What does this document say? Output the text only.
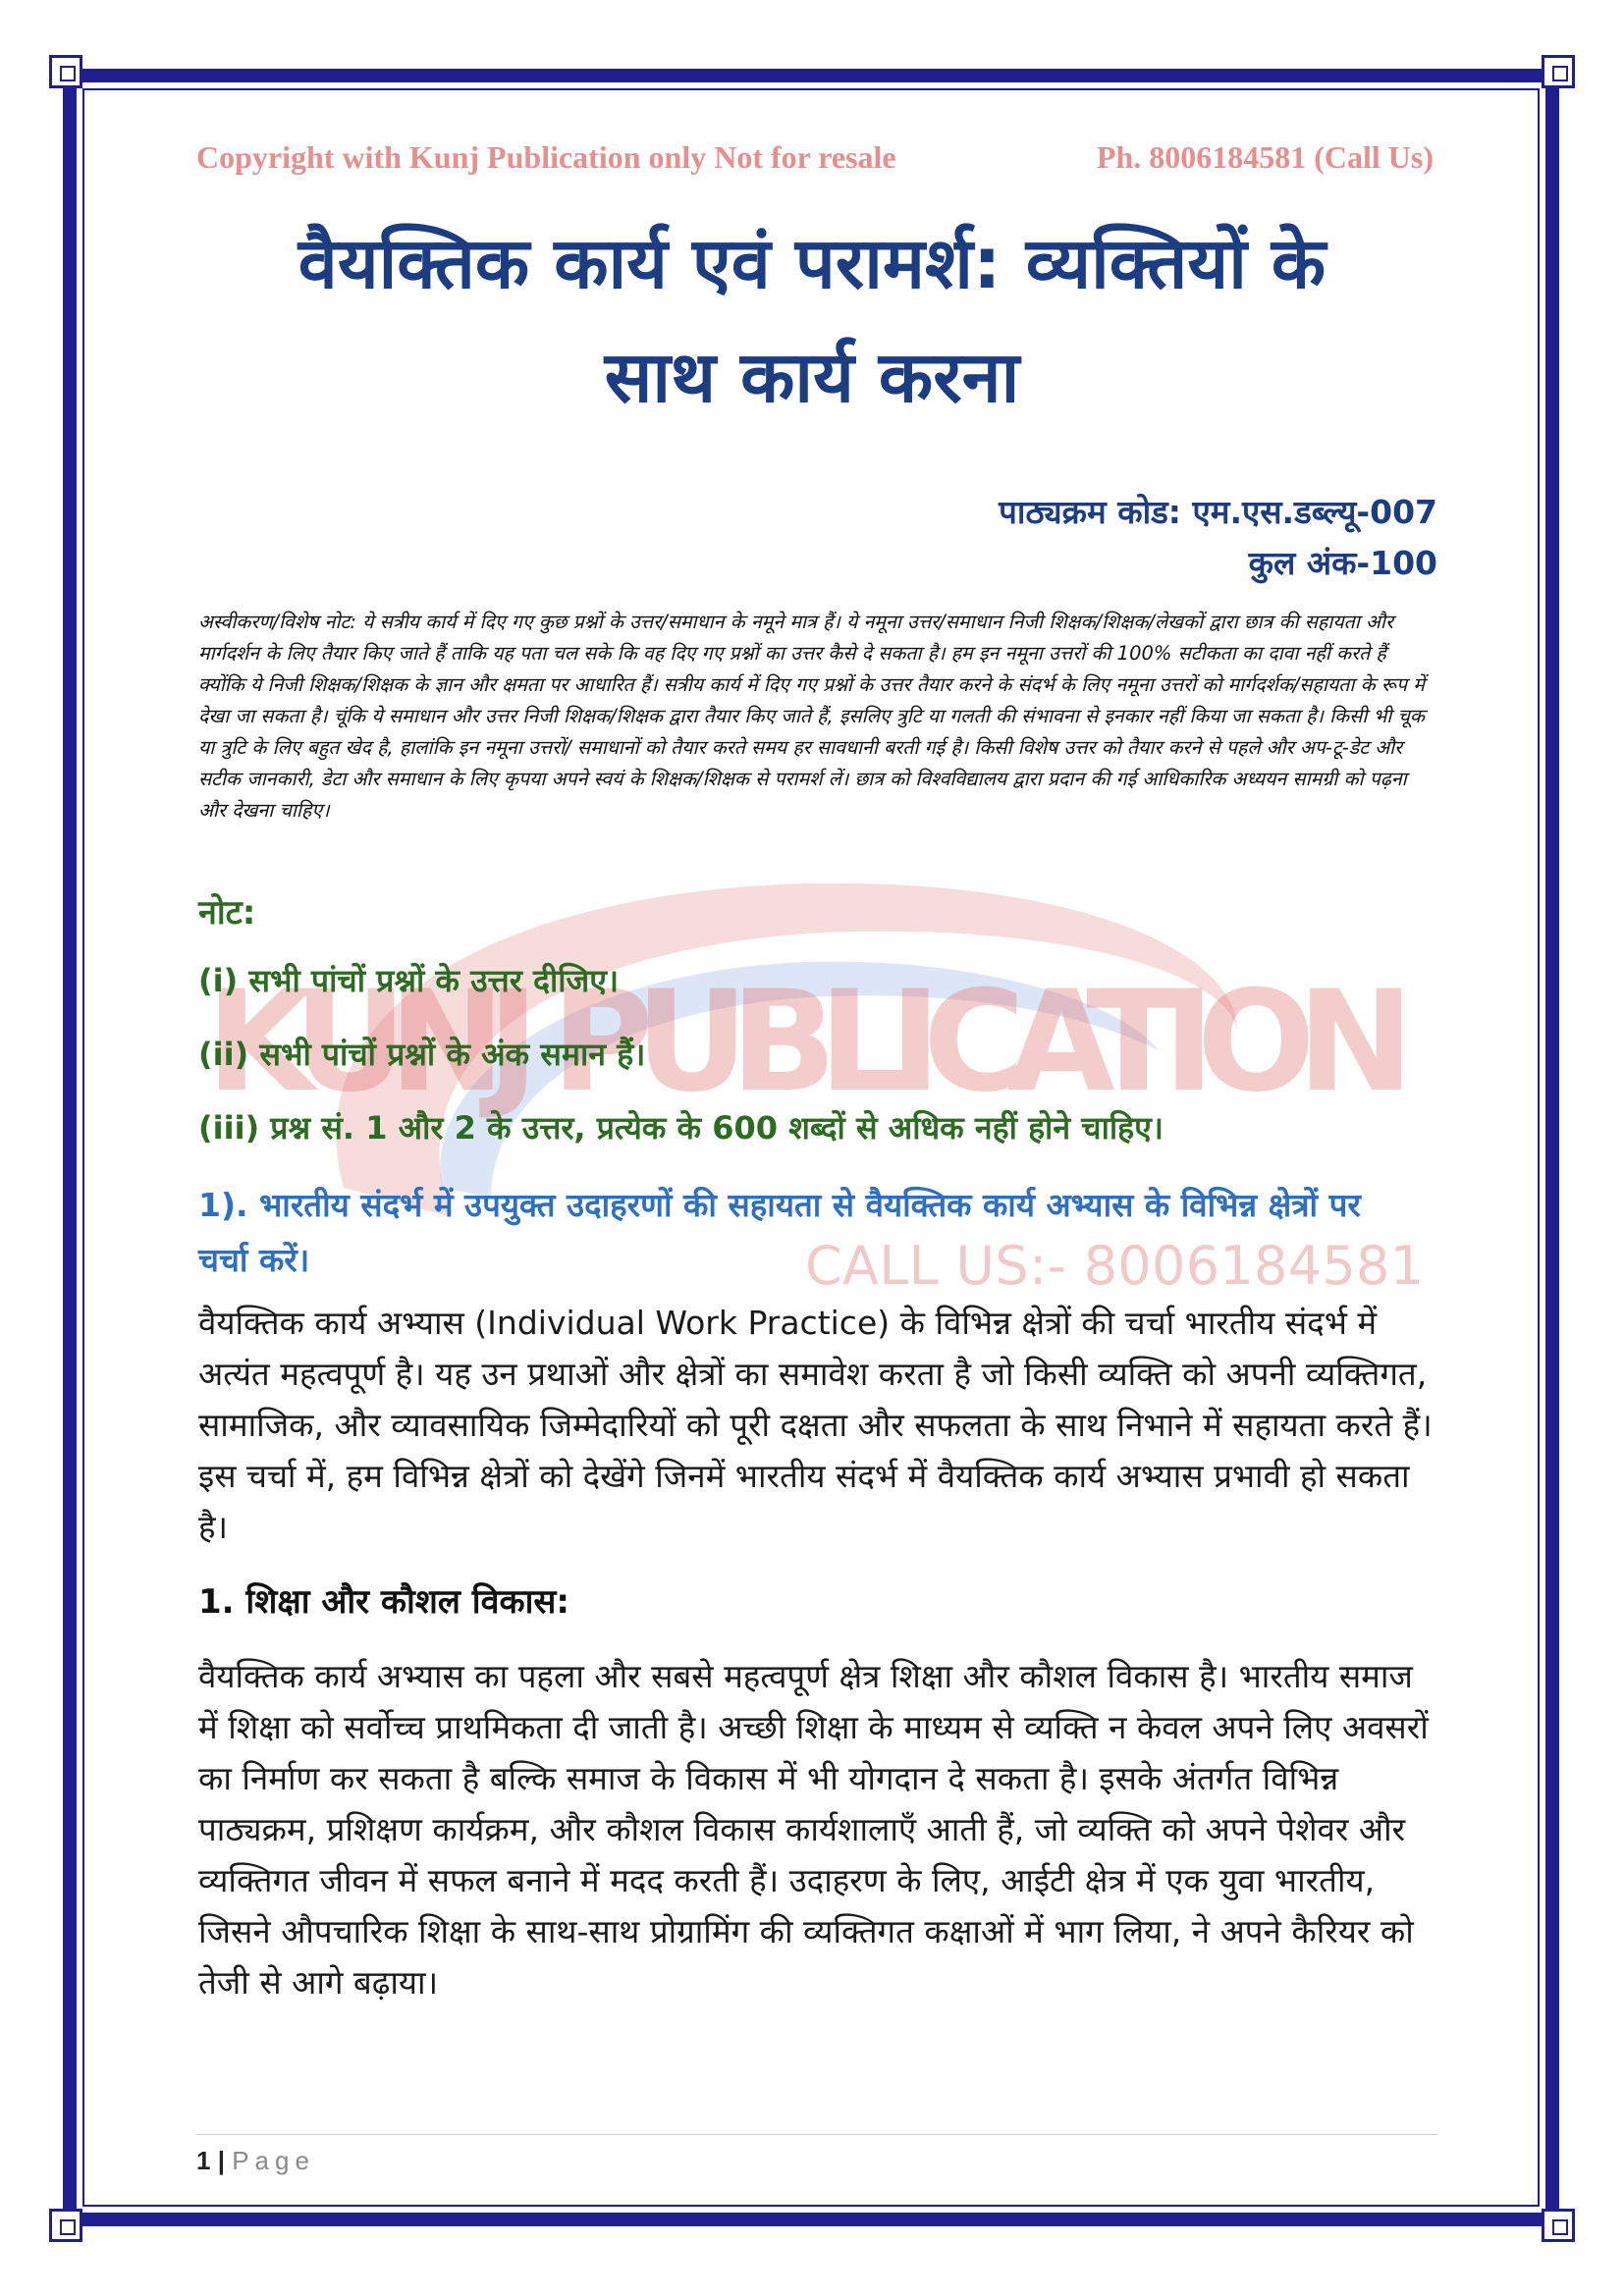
Copyright with Kunj Publication only Not for resale	Ph. 8006184581 (Call Us)
वैयक्तिक कार्य एवं परामर्श: व्यक्तियों के
साथ कार्य करना
पाठ्यक्रम कोड: एम.एस.डब्ल्यू-007
कुल अंक-100
अस्वीकरण/विशेष नोट: ये सत्रीय कार्य में दिए गए कुछ प्रश्नों के उत्तर/समाधान के नमूने मात्र हैं। ये नमूना उत्तर/समाधान निजी शिक्षक/शिक्षक/लेखकों द्वारा छात्र की सहायता और मार्गदर्शन के लिए तैयार किए जाते हैं ताकि यह पता चल सके कि वह दिए गए प्रश्नों का उत्तर कैसे दे सकता है। हम इन नमूना उत्तरों की 100% सटीकता का दावा नहीं करते हैं क्योंकि ये निजी शिक्षक/शिक्षक के ज्ञान और क्षमता पर आधारित हैं। सत्रीय कार्य में दिए गए प्रश्नों के उत्तर तैयार करने के संदर्भ के लिए नमूना उत्तरों को मार्गदर्शक/सहायता के रूप में देखा जा सकता है। चूंकि ये समाधान और उत्तर निजी शिक्षक/शिक्षक द्वारा तैयार किए जाते हैं, इसलिए त्रुटि या गलती की संभावना से इनकार नहीं किया जा सकता है। किसी भी चूक या त्रुटि के लिए बहुत खेद है, हालांकि इन नमूना उत्तरों/ समाधानों को तैयार करते समय हर सावधानी बरती गई है। किसी विशेष उत्तर को तैयार करने से पहले और अप-टू-डेट और सटीक जानकारी, डेटा और समाधान के लिए कृपया अपने स्वयं के शिक्षक/शिक्षक से परामर्श लें। छात्र को विश्वविद्यालय द्वारा प्रदान की गई आधिकारिक अध्ययन सामग्री को पढ़ना और देखना चाहिए।
KUNJ PUBLICATION
CALL US:- 8006184581
नोट:
(i) सभी पांचों प्रश्नों के उत्तर दीजिए।
(ii) सभी पांचों प्रश्नों के अंक समान हैं।
(iii) प्रश्न सं. 1 और 2 के उत्तर, प्रत्येक के 600 शब्दों से अधिक नहीं होने चाहिए।
1). भारतीय संदर्भ में उपयुक्त उदाहरणों की सहायता से वैयक्तिक कार्य अभ्यास के विभिन्न क्षेत्रों पर चर्चा करें।
वैयक्तिक कार्य अभ्यास (Individual Work Practice) के विभिन्न क्षेत्रों की चर्चा भारतीय संदर्भ में अत्यंत महत्वपूर्ण है। यह उन प्रथाओं और क्षेत्रों का समावेश करता है जो किसी व्यक्ति को अपनी व्यक्तिगत, सामाजिक, और व्यावसायिक जिम्मेदारियों को पूरी दक्षता और सफलता के साथ निभाने में सहायता करते हैं। इस चर्चा में, हम विभिन्न क्षेत्रों को देखेंगे जिनमें भारतीय संदर्भ में वैयक्तिक कार्य अभ्यास प्रभावी हो सकता है।
1. शिक्षा और कौशल विकास:
वैयक्तिक कार्य अभ्यास का पहला और सबसे महत्वपूर्ण क्षेत्र शिक्षा और कौशल विकास है। भारतीय समाज में शिक्षा को सर्वोच्च प्राथमिकता दी जाती है। अच्छी शिक्षा के माध्यम से व्यक्ति न केवल अपने लिए अवसरों का निर्माण कर सकता है बल्कि समाज के विकास में भी योगदान दे सकता है। इसके अंतर्गत विभिन्न पाठ्यक्रम, प्रशिक्षण कार्यक्रम, और कौशल विकास कार्यशालाएँ आती हैं, जो व्यक्ति को अपने पेशेवर और व्यक्तिगत जीवन में सफल बनाने में मदद करती हैं। उदाहरण के लिए, आईटी क्षेत्र में एक युवा भारतीय, जिसने औपचारिक शिक्षा के साथ-साथ प्रोग्रामिंग की व्यक्तिगत कक्षाओं में भाग लिया, ने अपने कैरियर को तेजी से आगे बढ़ाया।
1 | Page
